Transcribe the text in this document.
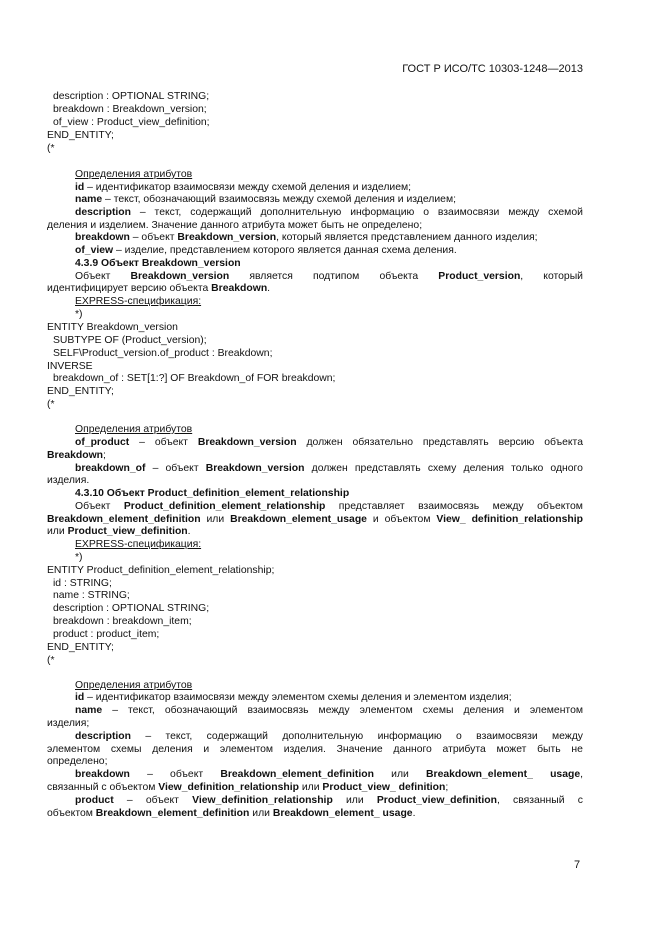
ГОСТ Р ИСО/ТС 10303-1248—2013
description : OPTIONAL STRING;
breakdown : Breakdown_version;
of_view : Product_view_definition;
END_ENTITY;
(*
Определения атрибутов
id – идентификатор взаимосвязи между схемой деления и изделием;
name – текст, обозначающий взаимосвязь между схемой деления и изделием;
description – текст, содержащий дополнительную информацию о взаимосвязи между схемой
деления и изделием. Значение данного атрибута может быть не определено;
breakdown – объект Breakdown_version, который является представлением данного изделия;
of_view – изделие, представлением которого является данная схема деления.
4.3.9 Объект Breakdown_version
Объект Breakdown_version является подтипом объекта Product_version, который
идентифицирует версию объекта Breakdown.
EXPRESS-спецификация:
*)
ENTITY Breakdown_version
SUBTYPE OF (Product_version);
SELF\Product_version.of_product : Breakdown;
INVERSE
breakdown_of : SET[1:?] OF Breakdown_of FOR breakdown;
END_ENTITY;
(*
Определения атрибутов
of_product – объект Breakdown_version должен обязательно представлять версию объекта
Breakdown;
breakdown_of – объект Breakdown_version должен представлять схему деления только одного
изделия.
4.3.10 Объект Product_definition_element_relationship
Объект Product_definition_element_relationship представляет взаимосвязь между объектом
Breakdown_element_definition или Breakdown_element_usage и объектом View_ definition_relationship
или Product_view_definition.
EXPRESS-спецификация:
*)
ENTITY Product_definition_element_relationship;
id : STRING;
name : STRING;
description : OPTIONAL STRING;
breakdown : breakdown_item;
product : product_item;
END_ENTITY;
(*
Определения атрибутов
id – идентификатор взаимосвязи между элементом схемы деления и элементом изделия;
name – текст, обозначающий взаимосвязь между элементом схемы деления и элементом
изделия;
description – текст, содержащий дополнительную информацию о взаимосвязи между
элементом схемы деления и элементом изделия. Значение данного атрибута может быть не
определено;
breakdown – объект Breakdown_element_definition или Breakdown_element_ usage,
связанный с объектом View_definition_relationship или Product_view_ definition;
product – объект View_definition_relationship или Product_view_definition, связанный с
объектом Breakdown_element_definition или Breakdown_element_ usage.
7
